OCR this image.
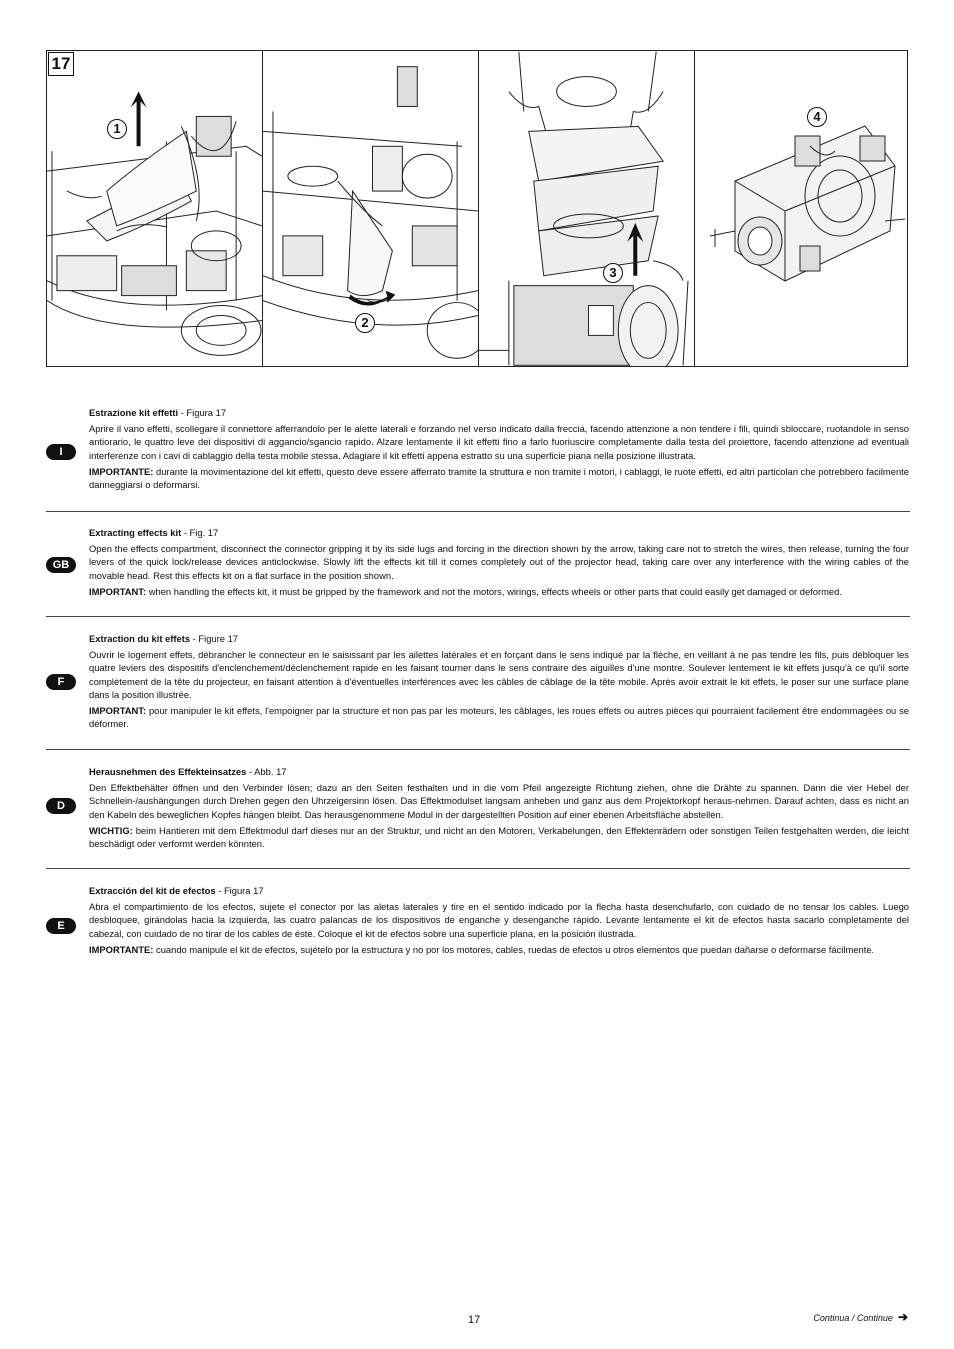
17
1
2
3
4
I

Estrazione kit effetti - Figura 17

Aprire il vano effetti, scollegare il connettore afferrandolo per le alette laterali e forzando nel verso indicato dalla freccia, facendo attenzione a non tendere i fili, quindi sbloccare, ruotandole in senso antiorario, le quattro leve dei dispositivi di aggancio/sgancio rapido. Alzare lentamente il kit effetti fino a farlo fuoriuscire completamente dalla testa del proiettore, facendo attenzione ad eventuali interferenze con i cavi di cablaggio della testa mobile stessa. Adagiare il kit effetti appena estratto su una superficie piana nella posizione illustrata.

IMPORTANTE: durante la movimentazione del kit effetti, questo deve essere afferrato tramite la struttura e non tramite i motori, i cablaggi, le ruote effetti, ed altri particolari che potrebbero facilmente danneggiarsi o deformarsi.

GB

Extracting effects kit - Fig. 17

Open the effects compartment, disconnect the connector gripping it by its side lugs and forcing in the direction shown by the arrow, taking care not to stretch the wires, then release, turning the four levers of the quick lock/release devices anticlockwise. Slowly lift the effects kit till it comes completely out of the projector head, taking care over any interference with the wiring cables of the movable head. Rest this effects kit on a flat surface in the position shown.

IMPORTANT: when handling the effects kit, it must be gripped by the framework and not the motors, wirings, effects wheels or other parts that could easily get damaged or deformed.

F

Extraction du kit effets - Figure 17

Ouvrir le logement effets, débrancher le connecteur en le saisissant par les ailettes latérales et en forçant dans le sens indiqué par la flèche, en veillant à ne pas tendre les fils, puis débloquer les quatre leviers des dispositifs d'enclenchement/déclenchement rapide en les faisant tourner dans le sens contraire des aiguilles d'une montre. Soulever lentement le kit effets jusqu'à ce qu'il sorte complètement de la tête du projecteur, en faisant attention à d'éventuelles interférences avec les câbles de câblage de la tête mobile. Après avoir extrait le kit effets, le poser sur une surface plane dans la position illustrée.

IMPORTANT: pour manipuler le kit effets, l'empoigner par la structure et non pas par les moteurs, les câblages, les roues effets ou autres pièces qui pourraient facilement être endommagées ou se déformer.

D

Herausnehmen des Effekteinsatzes - Abb. 17

Den Effektbehälter öffnen und den Verbinder lösen; dazu an den Seiten festhalten und in die vom Pfeil angezeigte Richtung ziehen, ohne die Drähte zu spannen. Dann die vier Hebel der Schnellein-/aushängungen durch Drehen gegen den Uhrzeigersinn lösen. Das Effektmodulset langsam anheben und ganz aus dem Projektorkopf heraus-nehmen. Darauf achten, dass es nicht an den Kabeln des beweglichen Kopfes hängen bleibt. Das herausgenommene Modul in der dargestellten Position auf einer ebenen Arbeitsfläche abstellen.

WICHTIG: beim Hantieren mit dem Effektmodul darf dieses nur an der Struktur, und nicht an den Motoren, Verkabelungen, den Effektenrädern oder sonstigen Teilen festgehalten werden, die leicht beschädigt oder verformt werden könnten.

E

Extracción del kit de efectos - Figura 17

Abra el compartimiento de los efectos, sujete el conector por las aletas laterales y tire en el sentido indicado por la flecha hasta desenchufarlo, con cuidado de no tensar los cables. Luego desbloquee, girándolas hacia la izquierda, las cuatro palancas de los dispositivos de enganche y desenganche rápido. Levante lentamente el kit de efectos hasta sacarlo completamente del cabezal, con cuidado de no tirar de los cables de éste. Coloque el kit de efectos sobre una superficie plana, en la posición ilustrada.

IMPORTANTE: cuando manipule el kit de efectos, sujételo por la estructura y no por los motores, cables, ruedas de efectos u otros elementos que puedan dañarse o deformarse fácilmente.

17	Continua / Continue ➔
